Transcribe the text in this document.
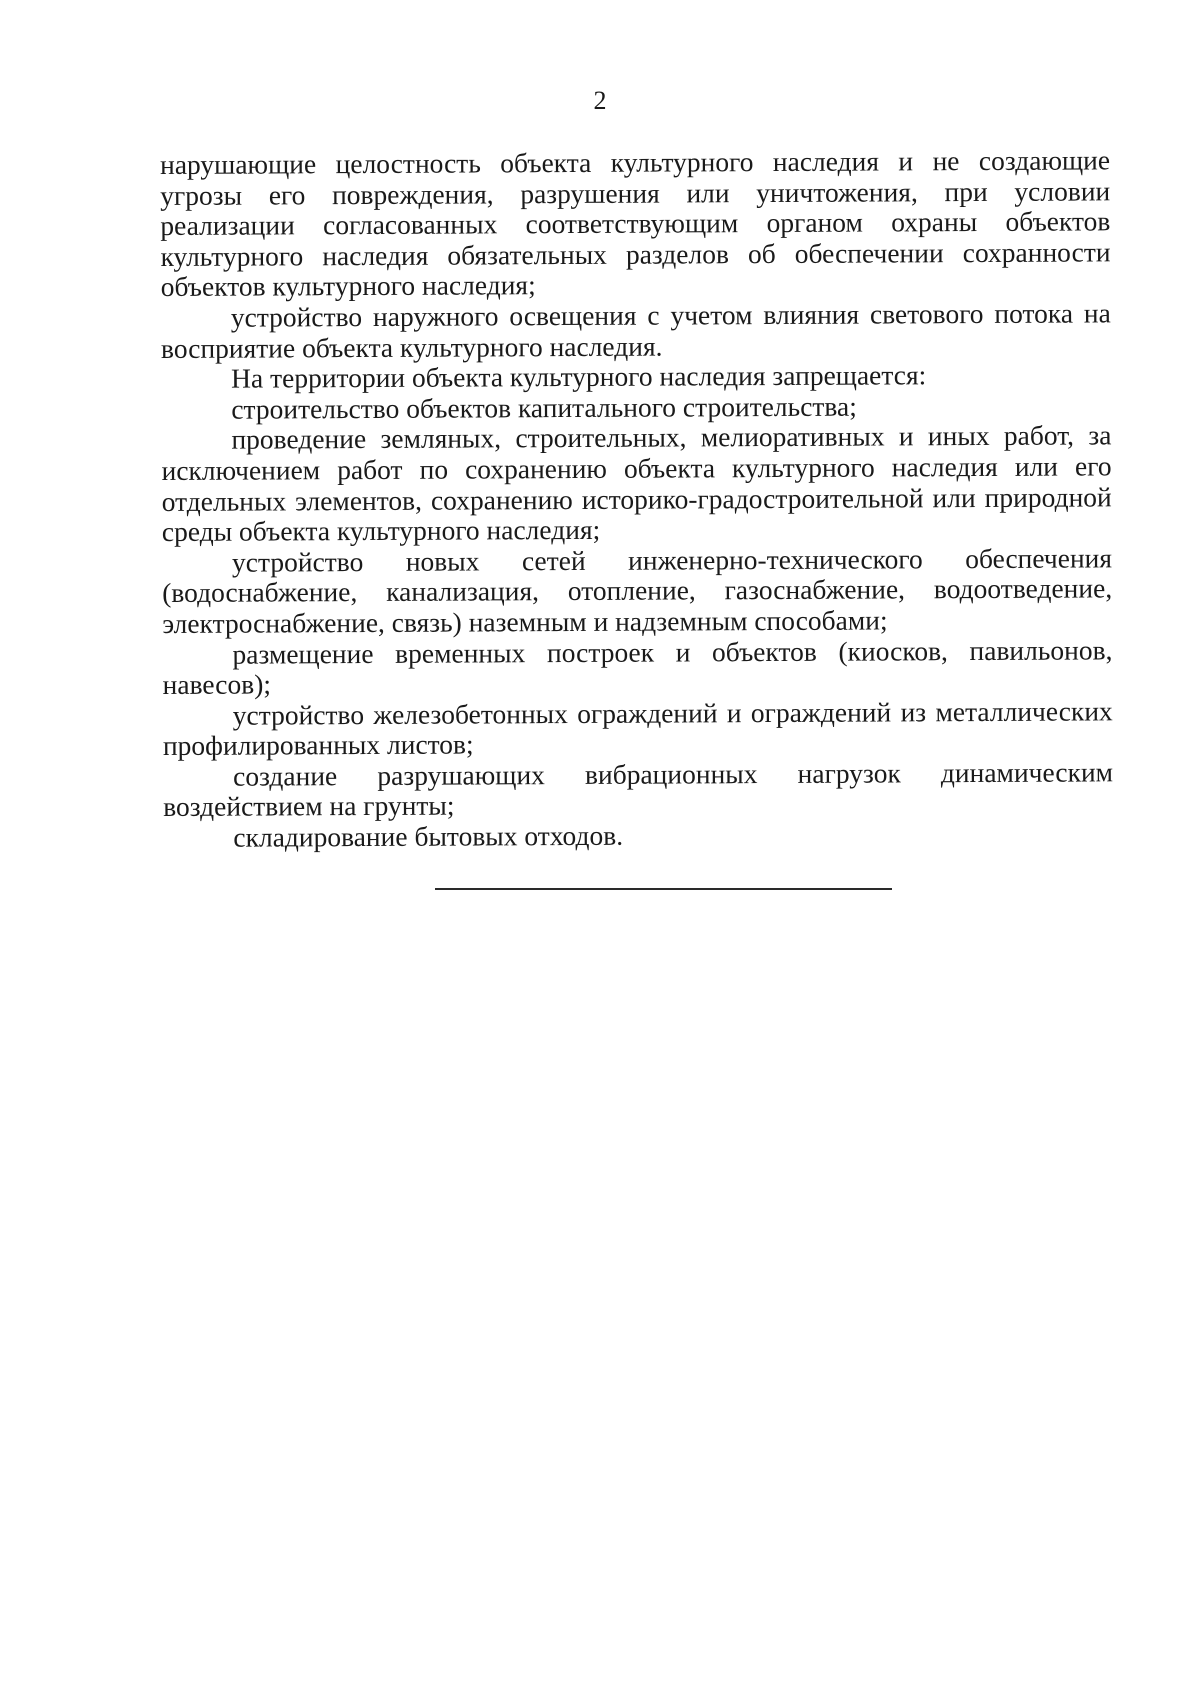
2

нарушающие целостность объекта культурного наследия и не создающие угрозы его повреждения, разрушения или уничтожения, при условии реализации согласованных соответствующим органом охраны объектов культурного наследия обязательных разделов об обеспечении сохранности объектов культурного наследия;

устройство наружного освещения с учетом влияния светового потока на восприятие объекта культурного наследия.

На территории объекта культурного наследия запрещается:

строительство объектов капитального строительства;

проведение земляных, строительных, мелиоративных и иных работ, за исключением работ по сохранению объекта культурного наследия или его отдельных элементов, сохранению историко-градостроительной или природной среды объекта культурного наследия;

устройство новых сетей инженерно-технического обеспечения (водоснабжение, канализация, отопление, газоснабжение, водоотведение, электроснабжение, связь) наземным и надземным способами;

размещение временных построек и объектов (киосков, павильонов, навесов);

устройство железобетонных ограждений и ограждений из металлических профилированных листов;

создание разрушающих вибрационных нагрузок динамическим воздействием на грунты;

складирование бытовых отходов.
